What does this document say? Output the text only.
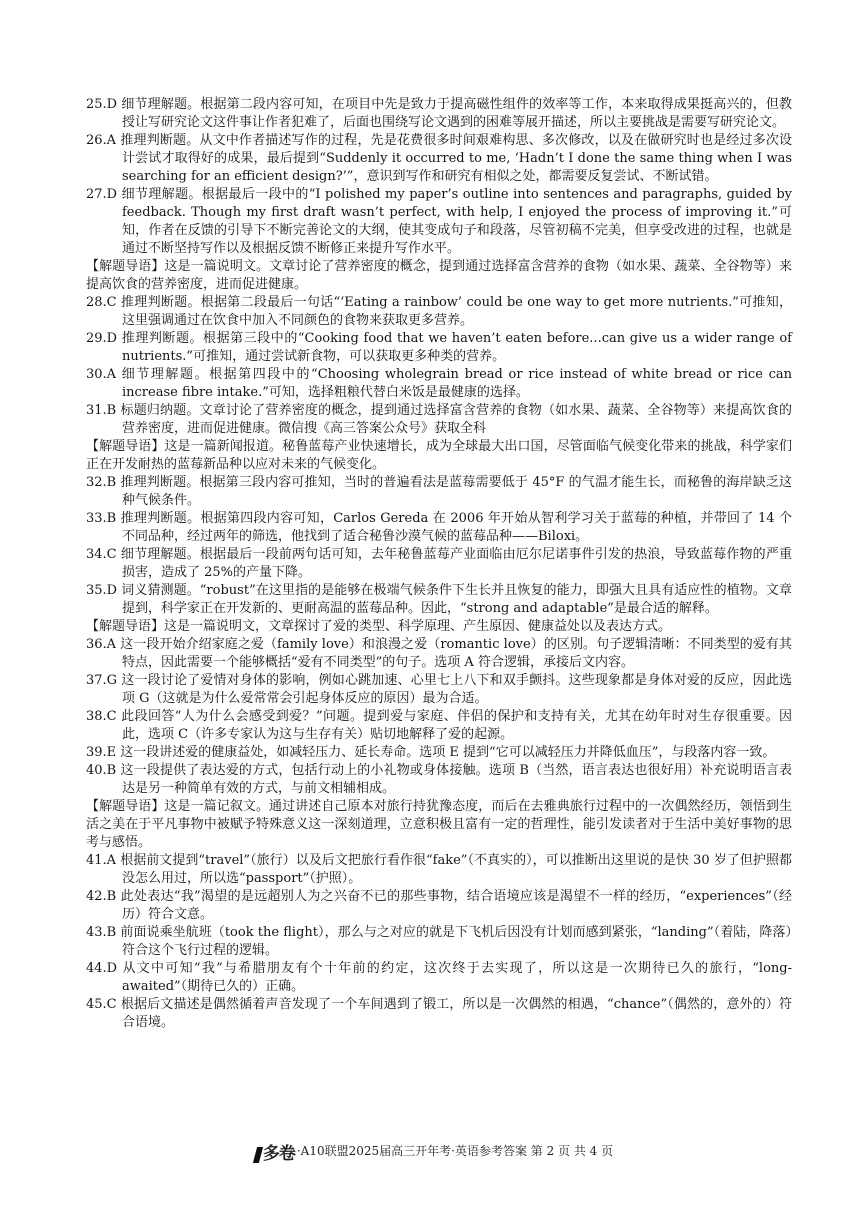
25.D 细节理解题。根据第二段内容可知，在项目中先是致力于提高磁性组件的效率等工作，本来取得成果挺高兴的，但教授让写研究论文这件事让作者犯难了，后面也围绕写论文遇到的困难等展开描述，所以主要挑战是需要写研究论文。

26.A 推理判断题。从文中作者描述写作的过程，先是花费很多时间艰难构思、多次修改，以及在做研究时也是经过多次设计尝试才取得好的成果，最后提到“Suddenly it occurred to me, ‘Hadn’t I done the same thing when I was searching for an efficient design?’”，意识到写作和研究有相似之处，都需要反复尝试、不断试错。

27.D 细节理解题。根据最后一段中的“I polished my paper’s outline into sentences and paragraphs, guided by feedback. Though my first draft wasn’t perfect, with help, I enjoyed the process of improving it.”可知，作者在反馈的引导下不断完善论文的大纲，使其变成句子和段落，尽管初稿不完美，但享受改进的过程，也就是通过不断坚持写作以及根据反馈不断修正来提升写作水平。

【解题导语】这是一篇说明文。文章讨论了营养密度的概念，提到通过选择富含营养的食物（如水果、蔬菜、全谷物等）来提高饮食的营养密度，进而促进健康。

28.C 推理判断题。根据第二段最后一句话“‘Eating a rainbow’ could be one way to get more nutrients.”可推知，这里强调通过在饮食中加入不同颜色的食物来获取更多营养。

29.D 推理判断题。根据第三段中的“Cooking food that we haven’t eaten before...can give us a wider range of nutrients.”可推知，通过尝试新食物，可以获取更多种类的营养。

30.A 细节理解题。根据第四段中的“Choosing wholegrain bread or rice instead of white bread or rice can increase fibre intake.”可知，选择粗粮代替白米饭是最健康的选择。

31.B 标题归纳题。文章讨论了营养密度的概念，提到通过选择富含营养的食物（如水果、蔬菜、全谷物等）来提高饮食的营养密度，进而促进健康。微信搜《高三答案公众号》获取全科

【解题导语】这是一篇新闻报道。秘鲁蓝莓产业快速增长，成为全球最大出口国，尽管面临气候变化带来的挑战，科学家们正在开发耐热的蓝莓新品种以应对未来的气候变化。

32.B 推理判断题。根据第三段内容可推知，当时的普遍看法是蓝莓需要低于 45°F 的气温才能生长，而秘鲁的海岸缺乏这种气候条件。

33.B 推理判断题。根据第四段内容可知，Carlos Gereda 在 2006 年开始从智利学习关于蓝莓的种植，并带回了 14 个不同品种，经过两年的筛选，他找到了适合秘鲁沙漠气候的蓝莓品种——Biloxi。

34.C 细节理解题。根据最后一段前两句话可知，去年秘鲁蓝莓产业面临由厄尔尼诺事件引发的热浪，导致蓝莓作物的严重损害，造成了 25%的产量下降。

35.D 词义猜测题。“robust”在这里指的是能够在极端气候条件下生长并且恢复的能力，即强大且具有适应性的植物。文章提到，科学家正在开发新的、更耐高温的蓝莓品种。因此，“strong and adaptable”是最合适的解释。

【解题导语】这是一篇说明文，文章探讨了爱的类型、科学原理、产生原因、健康益处以及表达方式。

36.A 这一段开始介绍家庭之爱（family love）和浪漫之爱（romantic love）的区别。句子逻辑清晰：不同类型的爱有其特点，因此需要一个能够概括“爱有不同类型”的句子。选项 A 符合逻辑，承接后文内容。

37.G 这一段讨论了爱情对身体的影响，例如心跳加速、心里七上八下和双手颤抖。这些现象都是身体对爱的反应，因此选项 G（这就是为什么爱常常会引起身体反应的原因）最为合适。

38.C 此段回答“人为什么会感受到爱？”问题。提到爱与家庭、伴侣的保护和支持有关，尤其在幼年时对生存很重要。因此，选项 C（许多专家认为这与生存有关）贴切地解释了爱的起源。

39.E 这一段讲述爱的健康益处，如减轻压力、延长寿命。选项 E 提到“它可以减轻压力并降低血压”，与段落内容一致。

40.B 这一段提供了表达爱的方式，包括行动上的小礼物或身体接触。选项 B（当然，语言表达也很好用）补充说明语言表达是另一种简单有效的方式，与前文相辅相成。

【解题导语】这是一篇记叙文。通过讲述自己原本对旅行持犹豫态度，而后在去雅典旅行过程中的一次偶然经历，领悟到生活之美在于平凡事物中被赋予特殊意义这一深刻道理，立意积极且富有一定的哲理性，能引发读者对于生活中美好事物的思考与感悟。

41.A 根据前文提到“travel”（旅行）以及后文把旅行看作很“fake”（不真实的），可以推断出这里说的是快 30 岁了但护照都没怎么用过，所以选“passport”（护照）。

42.B 此处表达“我”渴望的是远超别人为之兴奋不已的那些事物，结合语境应该是渴望不一样的经历，“experiences”（经历）符合文意。

43.B 前面说乘坐航班（took the flight），那么与之对应的就是下飞机后因没有计划而感到紧张，“landing”（着陆，降落）符合这个飞行过程的逻辑。

44.D 从文中可知“我”与希腊朋友有个十年前的约定，这次终于去实现了，所以这是一次期待已久的旅行，“long-awaited”（期待已久的）正确。

45.C 根据后文描述是偶然循着声音发现了一个车间遇到了锻工，所以是一次偶然的相遇，“chance”（偶然的，意外的）符合语境。

多卷 ·A10联盟2025届高三开年考·英语参考答案 第 2 页 共 4 页
